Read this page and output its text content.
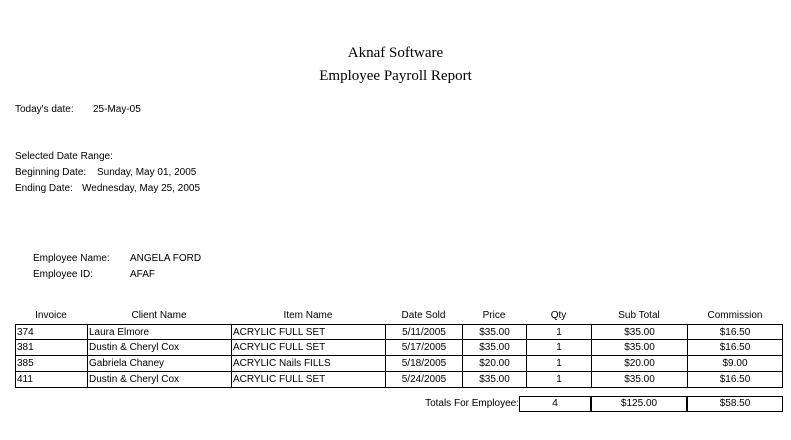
Aknaf Software
Employee Payroll Report
Today's date: 25-May-05
Selected Date Range:
Beginning Date: Sunday, May 01, 2005
Ending Date: Wednesday, May 25, 2005
Employee Name: ANGELA FORD
Employee ID:	AFAF
Invoice	Client Name	Item Name	Date Sold	Price	Qty	Sub Total	Commission
374	Laura Elmore	ACRYLIC FULL SET	5/11/2005	$35.00	1	$35.00	$16.50
381	Dustin & Cheryl Cox	ACRYLIC FULL SET	5/17/2005	$35.00	1	$35.00	$16.50
385	Gabriela Chaney	ACRYLIC Nails FILLS	5/18/2005	$20.00	1	$20.00	$9.00
411	Dustin & Cheryl Cox	ACRYLIC FULL SET	5/24/2005	$35.00	1	$35.00	$16.50
Totals For Employee:	4	$125.00	$58.50
